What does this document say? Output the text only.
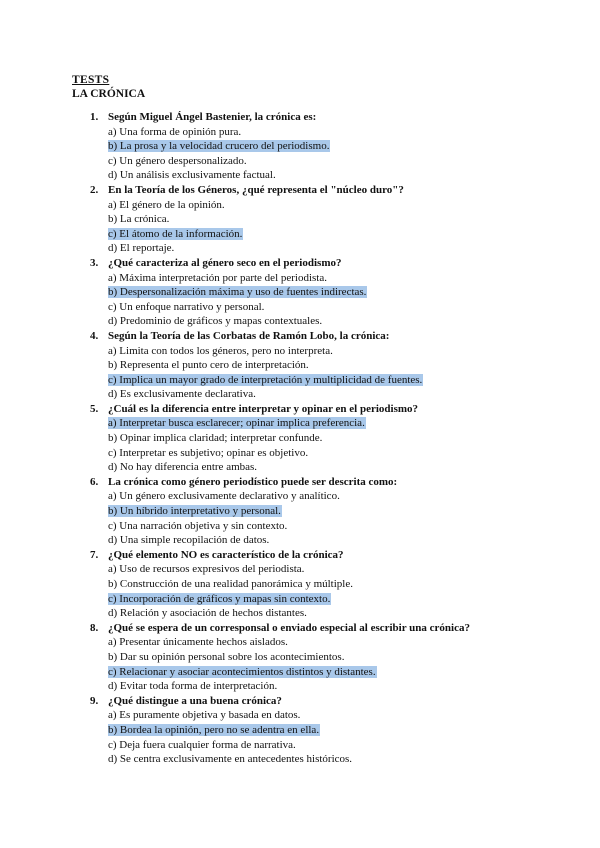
TESTS
LA CRÓNICA
1. Según Miguel Ángel Bastenier, la crónica es:
a) Una forma de opinión pura.
b) La prosa y la velocidad crucero del periodismo.
c) Un género despersonalizado.
d) Un análisis exclusivamente factual.
2. En la Teoría de los Géneros, ¿qué representa el "núcleo duro"?
a) El género de la opinión.
b) La crónica.
c) El átomo de la información.
d) El reportaje.
3. ¿Qué caracteriza al género seco en el periodismo?
a) Máxima interpretación por parte del periodista.
b) Despersonalización máxima y uso de fuentes indirectas.
c) Un enfoque narrativo y personal.
d) Predominio de gráficos y mapas contextuales.
4. Según la Teoría de las Corbatas de Ramón Lobo, la crónica:
a) Limita con todos los géneros, pero no interpreta.
b) Representa el punto cero de interpretación.
c) Implica un mayor grado de interpretación y multiplicidad de fuentes.
d) Es exclusivamente declarativa.
5. ¿Cuál es la diferencia entre interpretar y opinar en el periodismo?
a) Interpretar busca esclarecer; opinar implica preferencia.
b) Opinar implica claridad; interpretar confunde.
c) Interpretar es subjetivo; opinar es objetivo.
d) No hay diferencia entre ambas.
6. La crónica como género periodístico puede ser descrita como:
a) Un género exclusivamente declarativo y analítico.
b) Un híbrido interpretativo y personal.
c) Una narración objetiva y sin contexto.
d) Una simple recopilación de datos.
7. ¿Qué elemento NO es característico de la crónica?
a) Uso de recursos expresivos del periodista.
b) Construcción de una realidad panorámica y múltiple.
c) Incorporación de gráficos y mapas sin contexto.
d) Relación y asociación de hechos distantes.
8. ¿Qué se espera de un corresponsal o enviado especial al escribir una crónica?
a) Presentar únicamente hechos aislados.
b) Dar su opinión personal sobre los acontecimientos.
c) Relacionar y asociar acontecimientos distintos y distantes.
d) Evitar toda forma de interpretación.
9. ¿Qué distingue a una buena crónica?
a) Es puramente objetiva y basada en datos.
b) Bordea la opinión, pero no se adentra en ella.
c) Deja fuera cualquier forma de narrativa.
d) Se centra exclusivamente en antecedentes históricos.
